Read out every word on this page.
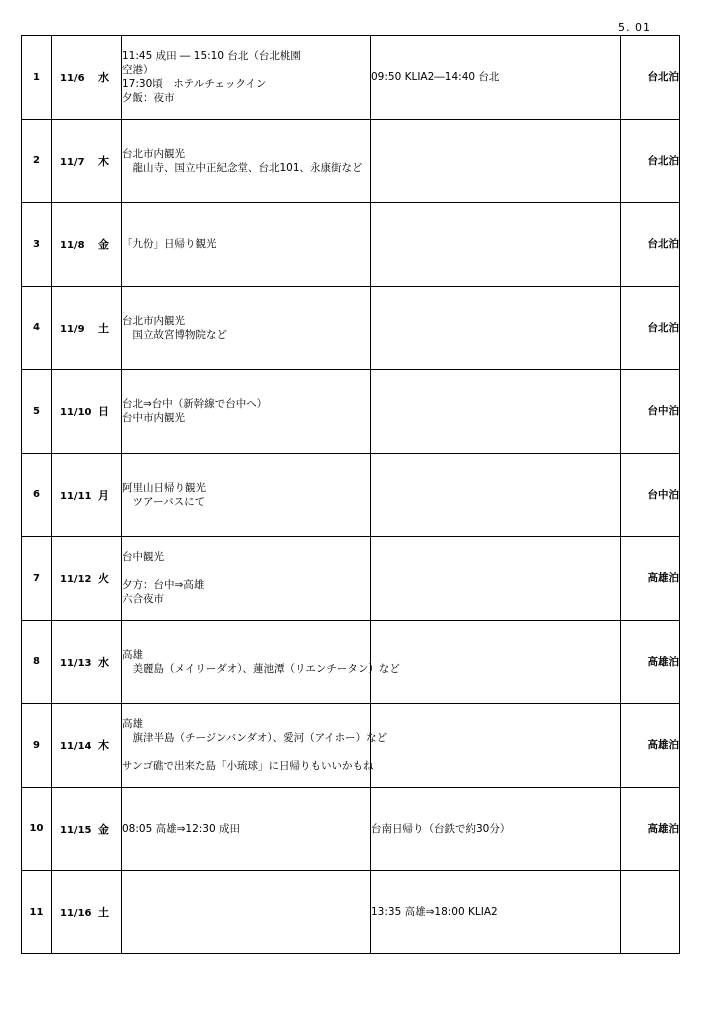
5. 01
1	11/6 水	11:45 成田 ― 15:10 台北（台北桃園
空港）
17:30頃　ホテルチェックイン
夕飯：夜市	09:50 KLIA2―14:40 台北	台北泊
2	11/7 木	台北市内観光
　龍山寺、国立中正紀念堂、台北101、永康街など		台北泊
3	11/8 金	「九份」日帰り観光		台北泊
4	11/9 土	台北市内観光
　国立故宮博物院など		台北泊
5	11/10 日	台北⇒台中（新幹線で台中へ）
台中市内観光		台中泊
6	11/11 月	阿里山日帰り観光
　ツアーバスにて		台中泊
7	11/12 火	台中観光
夕方：台中⇒高雄
六合夜市		高雄泊
8	11/13 水	高雄
　美麗島（メイリーダオ）、蓮池潭（リエンチータン）など		高雄泊
9	11/14 木	高雄
　旗津半島（チージンバンダオ）、愛河（アイホー）など
サンゴ礁で出来た島「小琉球」に日帰りもいいかもね		高雄泊
10	11/15 金	08:05 高雄⇒12:30 成田	台南日帰り（台鉄で約30分）	高雄泊
11	11/16 土		13:35 高雄⇒18:00 KLIA2	
